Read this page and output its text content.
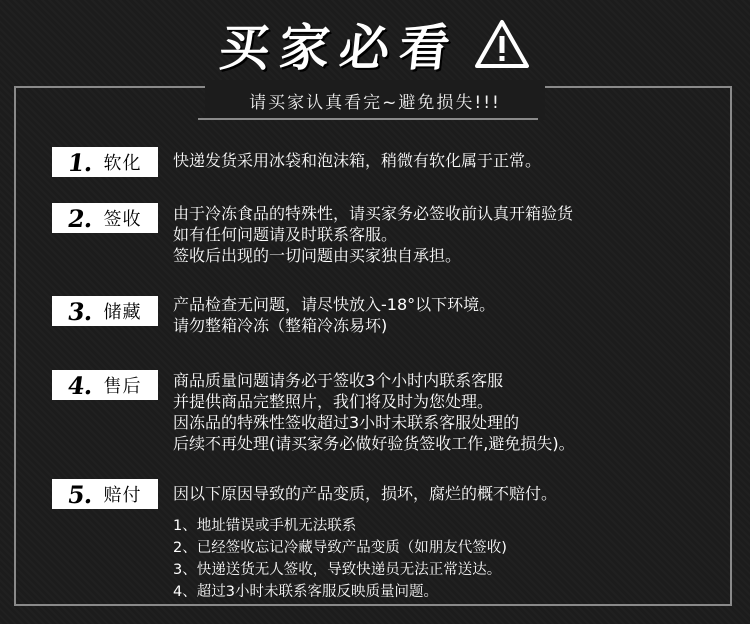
买家必看
请买家认真看完~避免损失!!!
1. 软化 快递发货采用冰袋和泡沫箱，稍微有软化属于正常。
2. 签收 由于冷冻食品的特殊性，请买家务必签收前认真开箱验货
如有任何问题请及时联系客服。
签收后出现的一切问题由买家独自承担。
3. 储藏 产品检查无问题，请尽快放入-18°以下环境。
请勿整箱冷冻（整箱冷冻易坏)
4. 售后 商品质量问题请务必于签收3个小时内联系客服
并提供商品完整照片，我们将及时为您处理。
因冻品的特殊性签收超过3小时未联系客服处理的
后续不再处理(请买家务必做好验货签收工作,避免损失)。
5. 赔付 因以下原因导致的产品变质，损坏，腐烂的概不赔付。
1、地址错误或手机无法联系
2、已经签收忘记冷藏导致产品变质（如朋友代签收)
3、快递送货无人签收，导致快递员无法正常送达。
4、超过3小时未联系客服反映质量问题。
